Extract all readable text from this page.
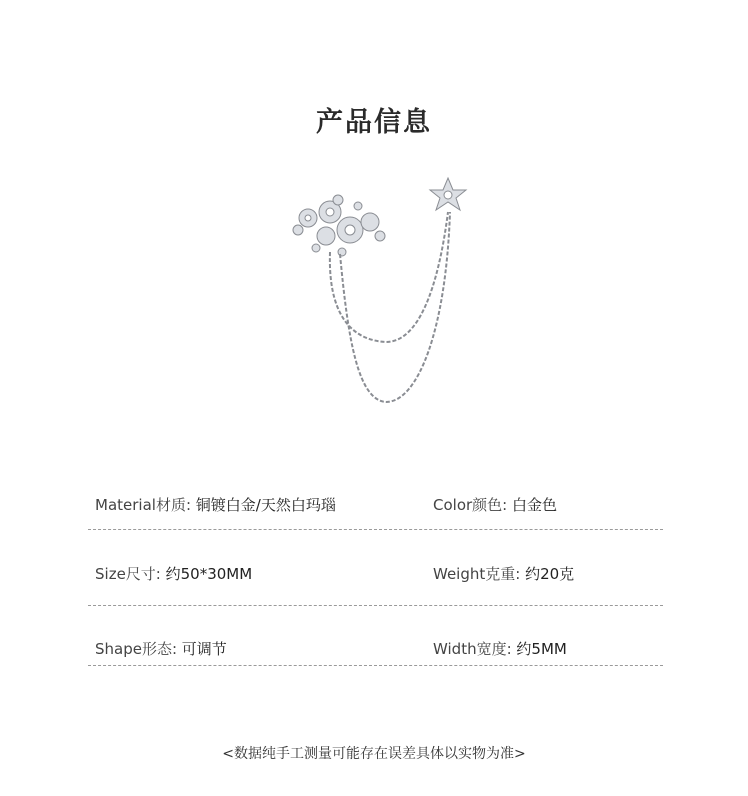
产品信息
Material材质: 铜镀白金/天然白玛瑙	Color颜色: 白金色
Size尺寸: 约50*30MM	Weight克重: 约20克
Shape形态: 可调节	Width宽度: 约5MM
<数据纯手工测量可能存在误差具体以实物为准>
